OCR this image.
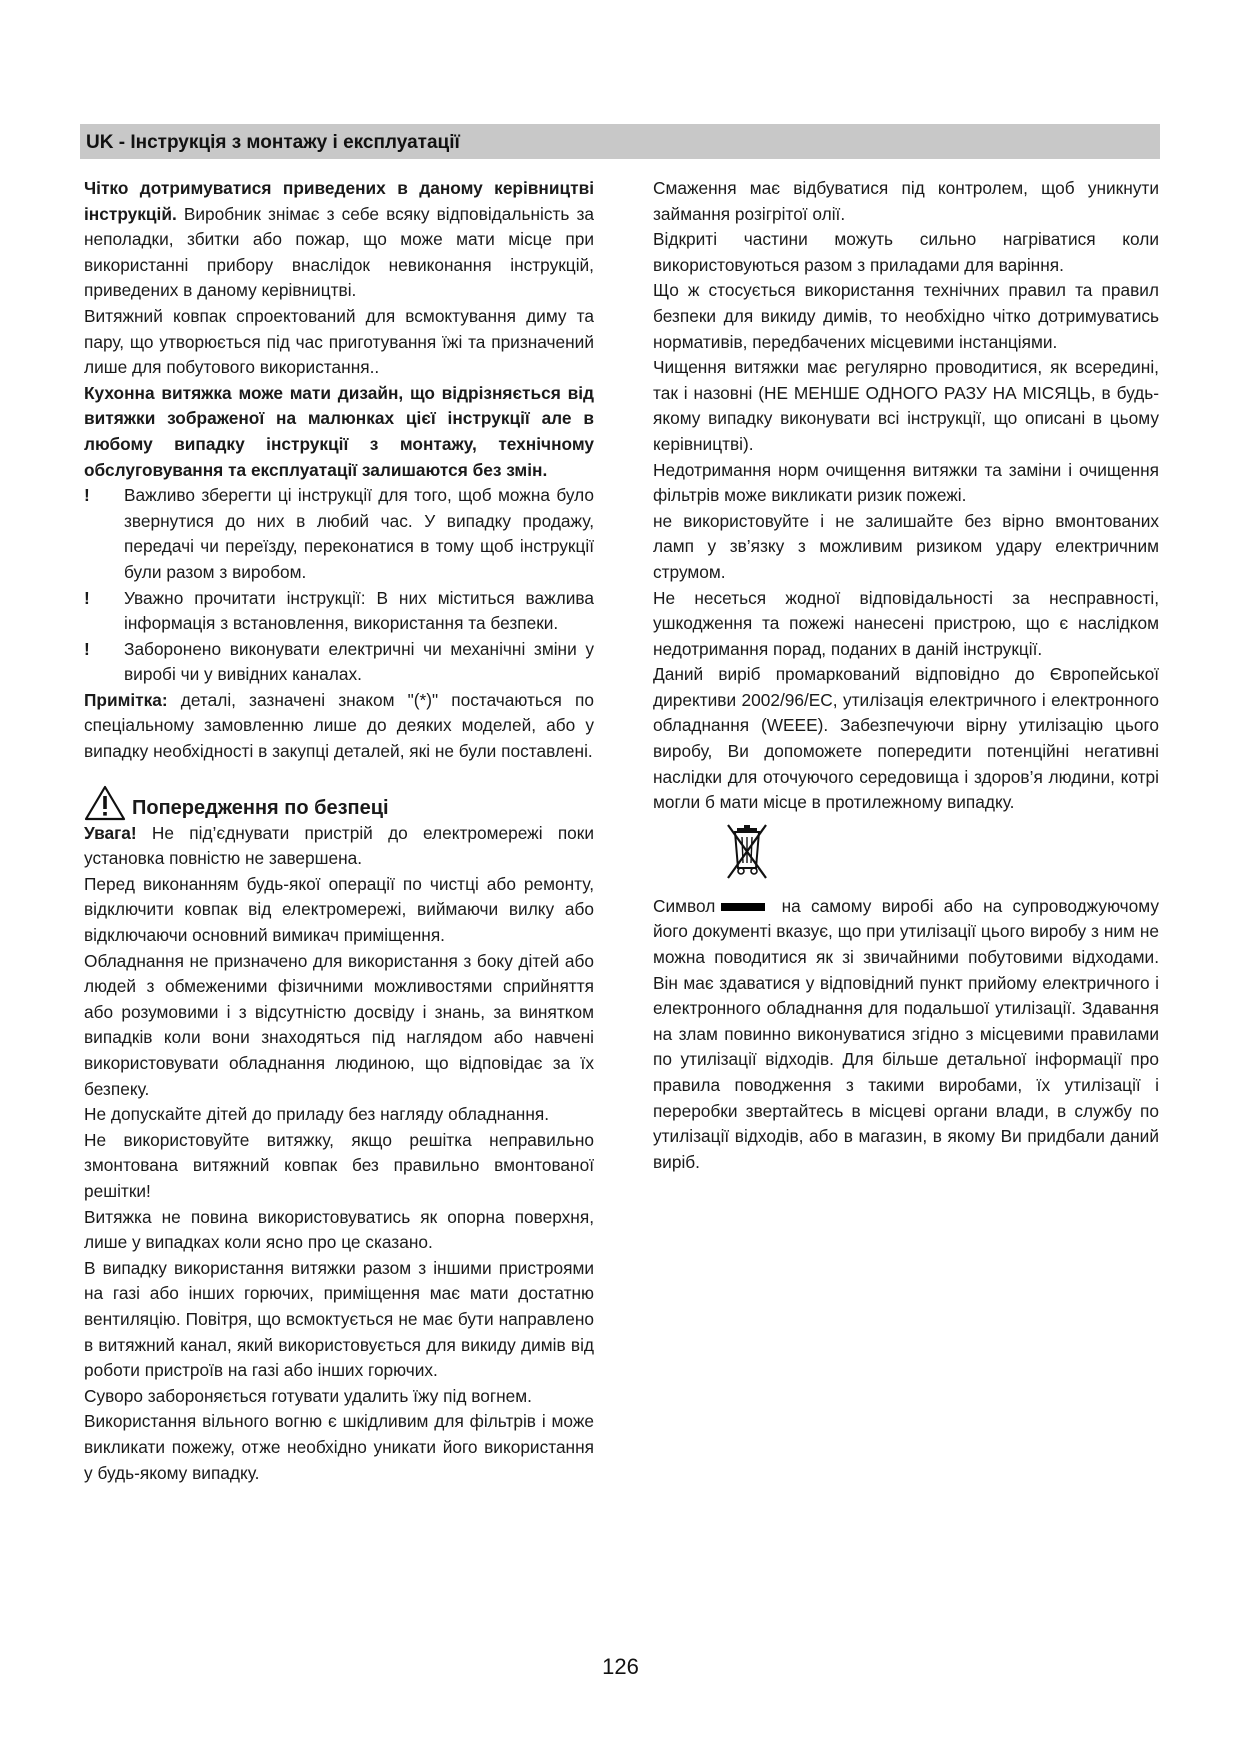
UK - Інструкція з монтажу і експлуатації

Чітко дотримуватися приведених в даному керівництві інструкцій. Виробник знімає з себе всяку відповідальність за неполадки, збитки або пожар, що може мати місце при використанні прибору внаслідок невиконання інструкцій, приведених в даному керівництві.

Витяжний ковпак спроектований для всмоктування диму та пару, що утворюється під час приготування їжі та призначений лише для побутового використання..

Кухонна витяжка може мати дизайн, що відрізняється від витяжки зображеної на малюнках цієї інструкції але в любому випадку інструкції з монтажу, технічному обслуговування та експлуатації залишаются без змін.

! Важливо зберегти ці інструкції для того, щоб можна було звернутися до них в любий час. У випадку продажу, передачі чи переїзду, переконатися в тому щоб інструкції були разом з виробом.
! Уважно прочитати інструкції: В них міститься важлива інформація з встановлення, використання та безпеки.
! Заборонено виконувати електричні чи механічні зміни у виробі чи у вивідних каналах.

Примітка: деталі, зазначені знаком "(*)" постачаються по спеціальному замовленню лише до деяких моделей, або у випадку необхідності в закупці деталей, які не були поставлені.

Попередження по безпеці

Увага! Не під’єднувати пристрій до електромережі поки установка повністю не завершена.

Перед виконанням будь-якої операції по чистці або ремонту, відключити ковпак від електромережі, виймаючи вилку або відключаючи основний вимикач приміщення.

Обладнання не призначено для використання з боку дітей або людей з обмеженими фізичними можливостями сприйняття або розумовими і з відсутністю досвіду і знань, за винятком випадків коли вони знаходяться під наглядом або навчені використовувати обладнання людиною, що відповідає за їх безпеку.

Не допускайте дітей до приладу без нагляду обладнання.

Не використовуйте витяжку, якщо решітка неправильно змонтована витяжний ковпак без правильно вмонтованої решітки!

Витяжка не повина використовуватись як опорна поверхня, лише у випадках коли ясно про це сказано.

В випадку використання витяжки разом з іншими пристроями на газі або інших горючих, приміщення має мати достатню вентиляцію. Повітря, що всмоктується не має бути направлено в витяжний канал, який використовується для викиду димів від роботи пристроїв на газі або інших горючих.

Суворо забороняється готувати удалить їжу під вогнем.

Використання вільного вогню є шкідливим для фільтрів і може викликати пожежу, отже необхідно уникати його використання у будь-якому випадку.

Смаження має відбуватися під контролем, щоб уникнути займання розігрітої олії.

Відкриті частини можуть сильно нагріватися коли використовуються разом з приладами для варіння.

Що ж стосується використання технічних правил та правил безпеки для викиду димів, то необхідно чітко дотримуватись нормативів, передбачених місцевими інстанціями.

Чищення витяжки має регулярно проводитися, як всередині, так і назовні (НЕ МЕНШЕ ОДНОГО РАЗУ НА МІСЯЦЬ, в будь-якому випадку виконувати всі інструкції, що описані в цьому керівництві).

Недотримання норм очищення витяжки та заміни і очищення фільтрів може викликати ризик пожежі.

не використовуйте і не залишайте без вірно вмонтованих ламп у зв’язку з можливим ризиком удару електричним струмом.

Не несеться жодної відповідальності за несправності, ушкодження та пожежі нанесені пристрою, що є наслідком недотримання порад, поданих в даній інструкції.

Даний виріб промаркований відповідно до Європейської директиви 2002/96/EC, утилізація електричного і електронного обладнання (WEEE). Забезпечуючи вірну утилізацію цього виробу, Ви допоможете попередити потенційні негативні наслідки для оточуючого середовища і здоров’я людини, котрі могли б мати місце в протилежному випадку.

Символ	на самому виробі або на супроводжуючому його документі вказує, що при утилізації цього виробу з ним не можна поводитися як зі звичайними побутовими відходами. Він має здаватися у відповідний пункт прийому електричного і електронного обладнання для подальшої утилізації. Здавання на злам повинно виконуватися згідно з місцевими правилами по утилізації відходів. Для більше детальної інформації про правила поводження з такими виробами, їх утилізації і переробки звертайтесь в місцеві органи влади, в службу по утилізації відходів, або в магазин, в якому Ви придбали даний виріб.

126
